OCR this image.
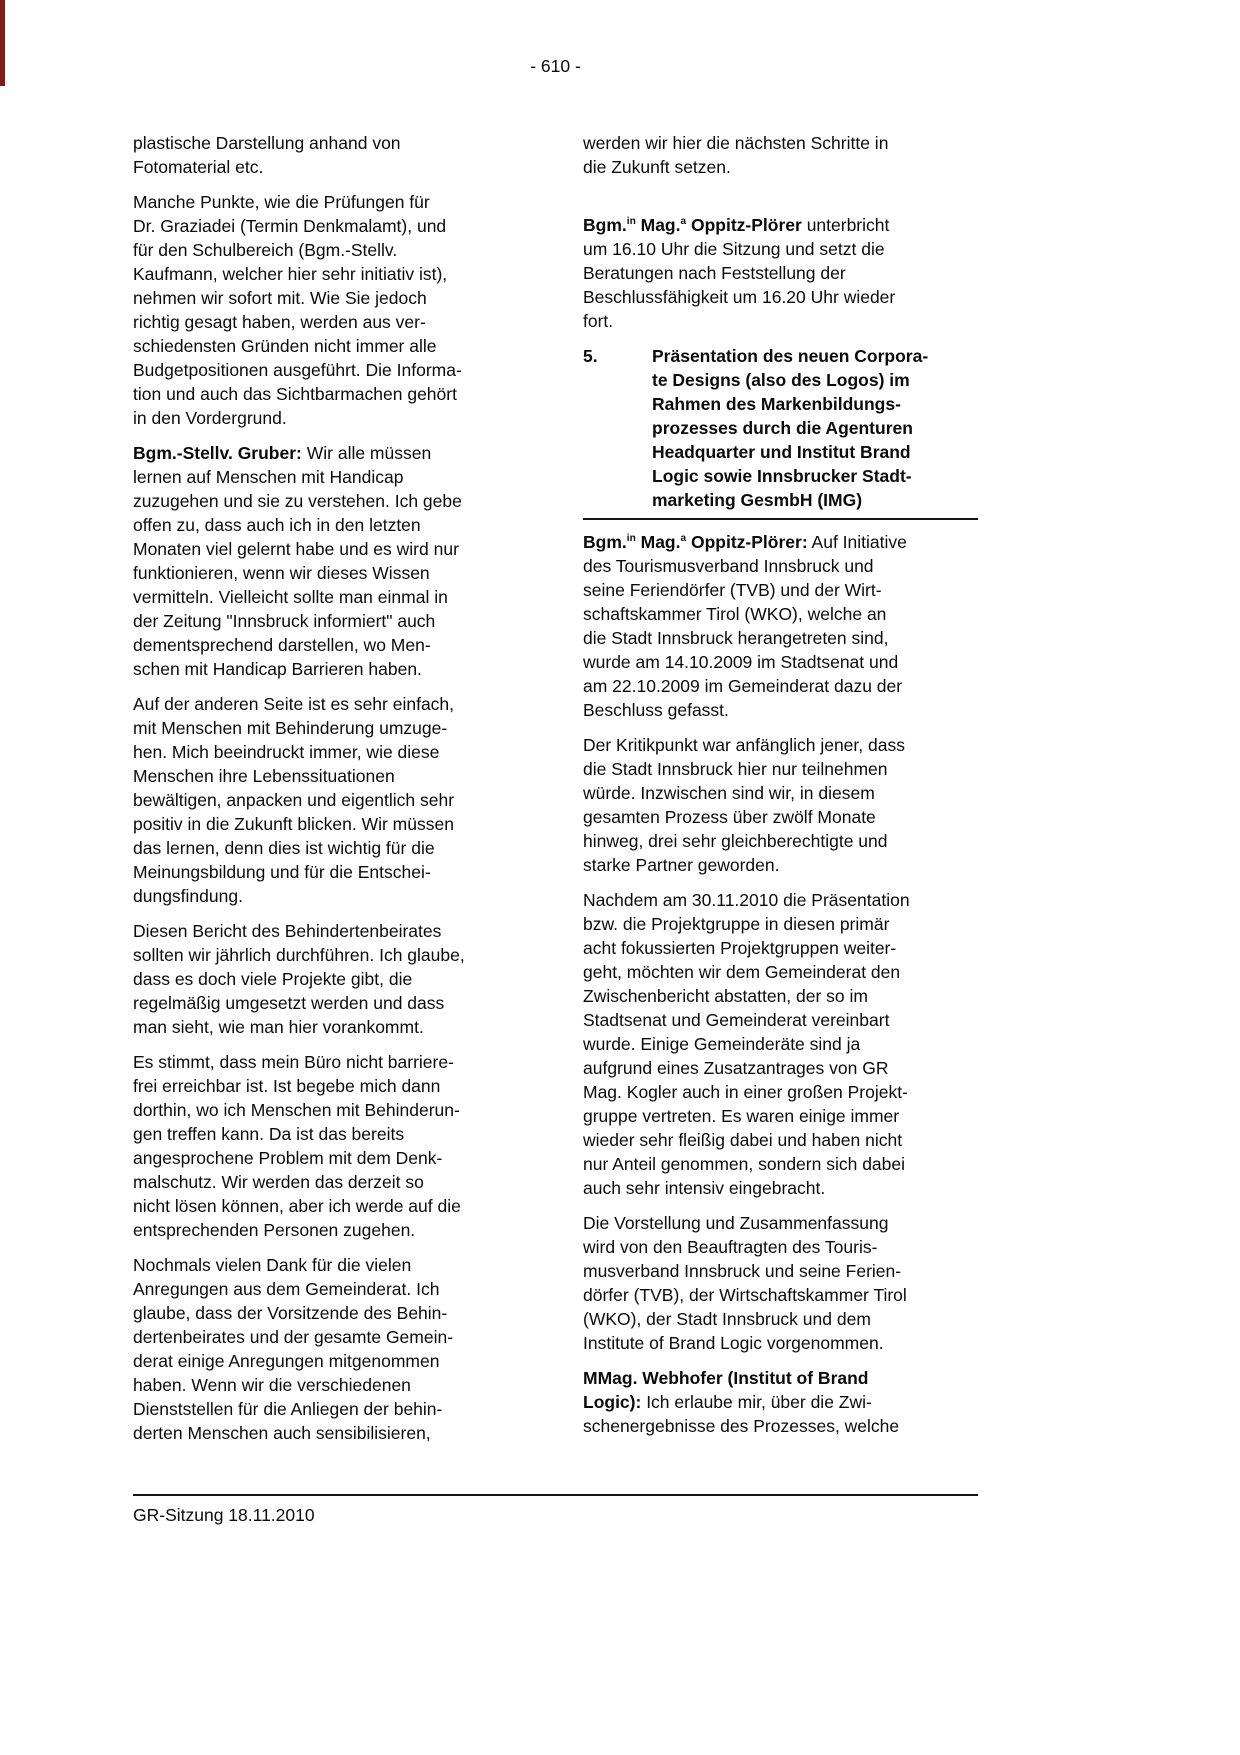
- 610 -

plastische Darstellung anhand von
Fotomaterial etc.

Manche Punkte, wie die Prüfungen für
Dr. Graziadei (Termin Denkmalamt), und
für den Schulbereich (Bgm.-Stellv.
Kaufmann, welcher hier sehr initiativ ist),
nehmen wir sofort mit. Wie Sie jedoch
richtig gesagt haben, werden aus ver-
schiedensten Gründen nicht immer alle
Budgetpositionen ausgeführt. Die Informa-
tion und auch das Sichtbarmachen gehört
in den Vordergrund.

Bgm.-Stellv. Gruber: Wir alle müssen
lernen auf Menschen mit Handicap
zuzugehen und sie zu verstehen. Ich gebe
offen zu, dass auch ich in den letzten
Monaten viel gelernt habe und es wird nur
funktionieren, wenn wir dieses Wissen
vermitteln. Vielleicht sollte man einmal in
der Zeitung "Innsbruck informiert" auch
dementsprechend darstellen, wo Men-
schen mit Handicap Barrieren haben.

Auf der anderen Seite ist es sehr einfach,
mit Menschen mit Behinderung umzuge-
hen. Mich beeindruckt immer, wie diese
Menschen ihre Lebenssituationen
bewältigen, anpacken und eigentlich sehr
positiv in die Zukunft blicken. Wir müssen
das lernen, denn dies ist wichtig für die
Meinungsbildung und für die Entschei-
dungsfindung.

Diesen Bericht des Behindertenbeirates
sollten wir jährlich durchführen. Ich glaube,
dass es doch viele Projekte gibt, die
regelmäßig umgesetzt werden und dass
man sieht, wie man hier vorankommt.

Es stimmt, dass mein Büro nicht barriere-
frei erreichbar ist. Ist begebe mich dann
dorthin, wo ich Menschen mit Behinderun-
gen treffen kann. Da ist das bereits
angesprochene Problem mit dem Denk-
malschutz. Wir werden das derzeit so
nicht lösen können, aber ich werde auf die
entsprechenden Personen zugehen.

Nochmals vielen Dank für die vielen
Anregungen aus dem Gemeinderat. Ich
glaube, dass der Vorsitzende des Behin-
dertenbeirates und der gesamte Gemein-
derat einige Anregungen mitgenommen
haben. Wenn wir die verschiedenen
Dienststellen für die Anliegen der behin-
derten Menschen auch sensibilisieren,

werden wir hier die nächsten Schritte in
die Zukunft setzen.

Bgm.$^{in}$ Mag.$^a$ Oppitz-Plörer unterbricht
um 16.10 Uhr die Sitzung und setzt die
Beratungen nach Feststellung der
Beschlussfähigkeit um 16.20 Uhr wieder
fort.

5.	Präsentation des neuen Corpora-
te Designs (also des Logos) im
Rahmen des Markenbildungs-
prozesses durch die Agenturen
Headquarter und Institut Brand
Logic sowie Innsbrucker Stadt-
marketing GesmbH (IMG)

Bgm.$^{in}$ Mag.$^a$ Oppitz-Plörer: Auf Initiative
des Tourismusverband Innsbruck und
seine Feriendörfer (TVB) und der Wirt-
schaftskammer Tirol (WKO), welche an
die Stadt Innsbruck herangetreten sind,
wurde am 14.10.2009 im Stadtsenat und
am 22.10.2009 im Gemeinderat dazu der
Beschluss gefasst.

Der Kritikpunkt war anfänglich jener, dass
die Stadt Innsbruck hier nur teilnehmen
würde. Inzwischen sind wir, in diesem
gesamten Prozess über zwölf Monate
hinweg, drei sehr gleichberechtigte und
starke Partner geworden.

Nachdem am 30.11.2010 die Präsentation
bzw. die Projektgruppe in diesen primär
acht fokussierten Projektgruppen weiter-
geht, möchten wir dem Gemeinderat den
Zwischenbericht abstatten, der so im
Stadtsenat und Gemeinderat vereinbart
wurde. Einige Gemeinderäte sind ja
aufgrund eines Zusatzantrages von GR
Mag. Kogler auch in einer großen Projekt-
gruppe vertreten. Es waren einige immer
wieder sehr fleißig dabei und haben nicht
nur Anteil genommen, sondern sich dabei
auch sehr intensiv eingebracht.

Die Vorstellung und Zusammenfassung
wird von den Beauftragten des Touris-
musverband Innsbruck und seine Ferien-
dörfer (TVB), der Wirtschaftskammer Tirol
(WKO), der Stadt Innsbruck und dem
Institute of Brand Logic vorgenommen.

MMag. Webhofer (Institut of Brand
Logic): Ich erlaube mir, über die Zwi-
schenergebnisse des Prozesses, welche

GR-Sitzung 18.11.2010
